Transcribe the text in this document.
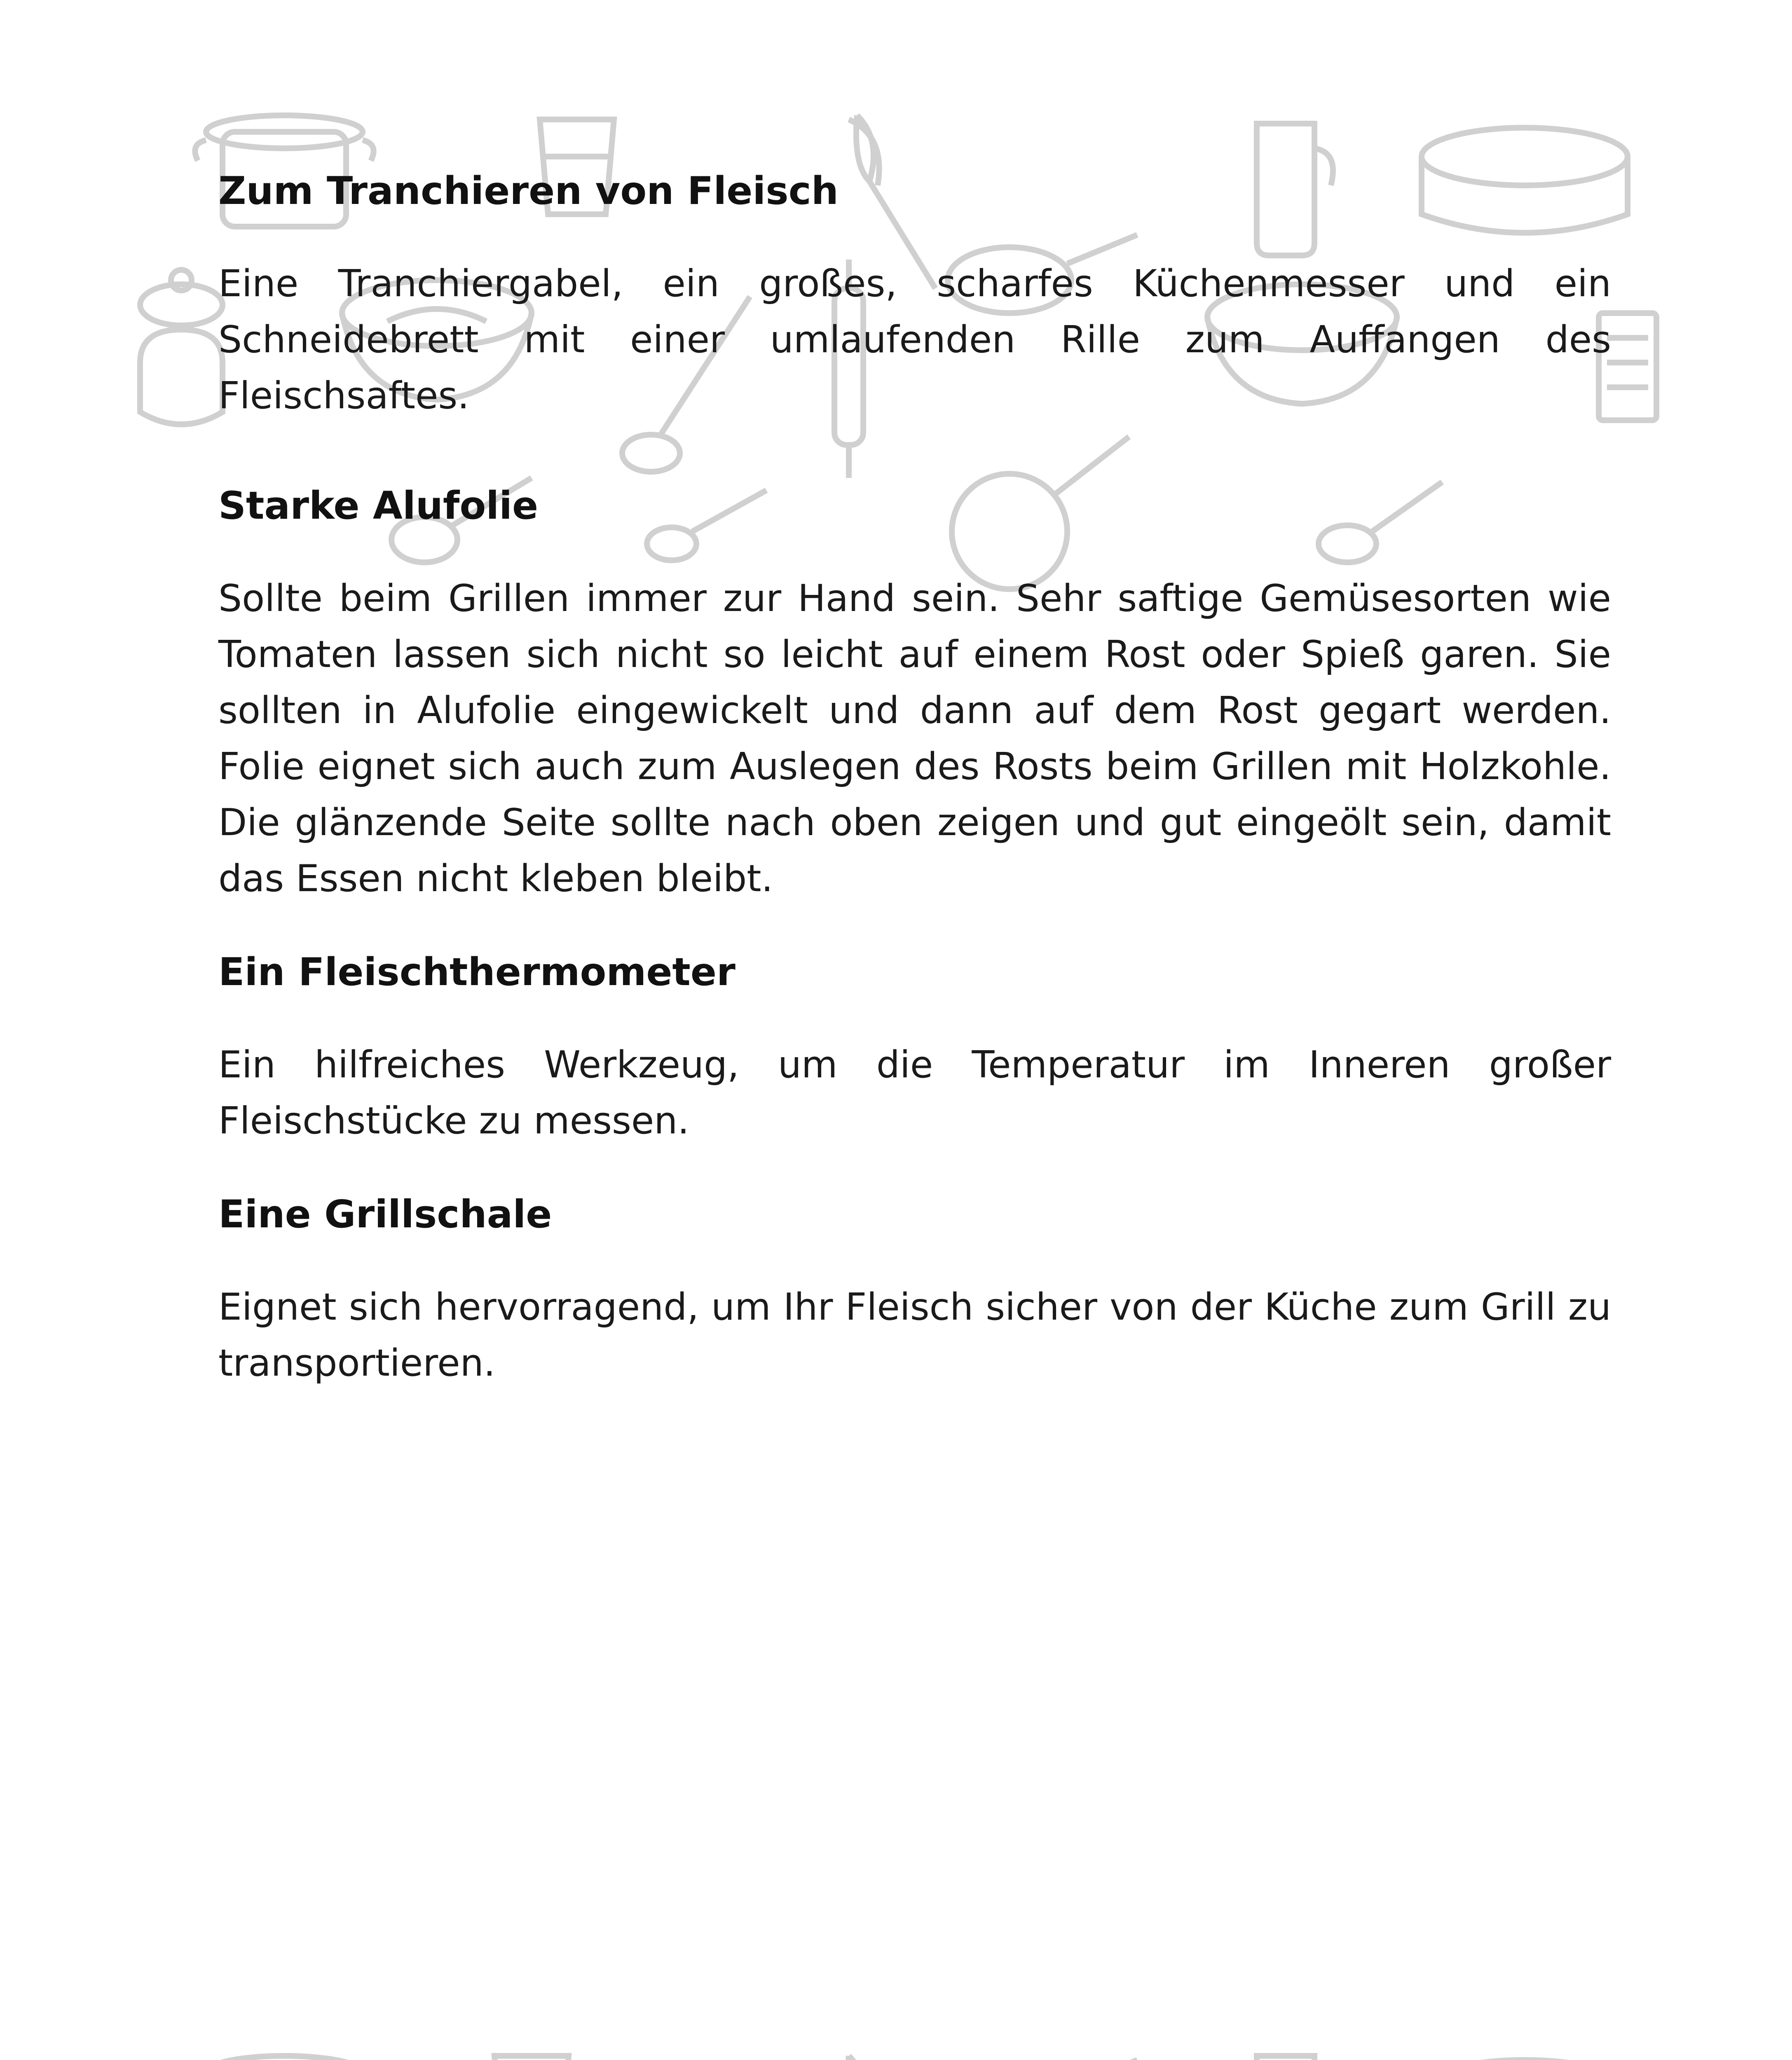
Zum Tranchieren von Fleisch

Eine Tranchiergabel, ein großes, scharfes Küchenmesser und ein Schneidebrett mit einer umlaufenden Rille zum Auffangen des Fleischsaftes.

Starke Alufolie

Sollte beim Grillen immer zur Hand sein. Sehr saftige Gemüsesorten wie Tomaten lassen sich nicht so leicht auf einem Rost oder Spieß garen. Sie sollten in Alufolie eingewickelt und dann auf dem Rost gegart werden. Folie eignet sich auch zum Auslegen des Rosts beim Grillen mit Holzkohle. Die glänzende Seite sollte nach oben zeigen und gut eingeölt sein, damit das Essen nicht kleben bleibt.

Ein Fleischthermometer

Ein hilfreiches Werkzeug, um die Temperatur im Inneren großer Fleischstücke zu messen.

Eine Grillschale

Eignet sich hervorragend, um Ihr Fleisch sicher von der Küche zum Grill zu transportieren.
